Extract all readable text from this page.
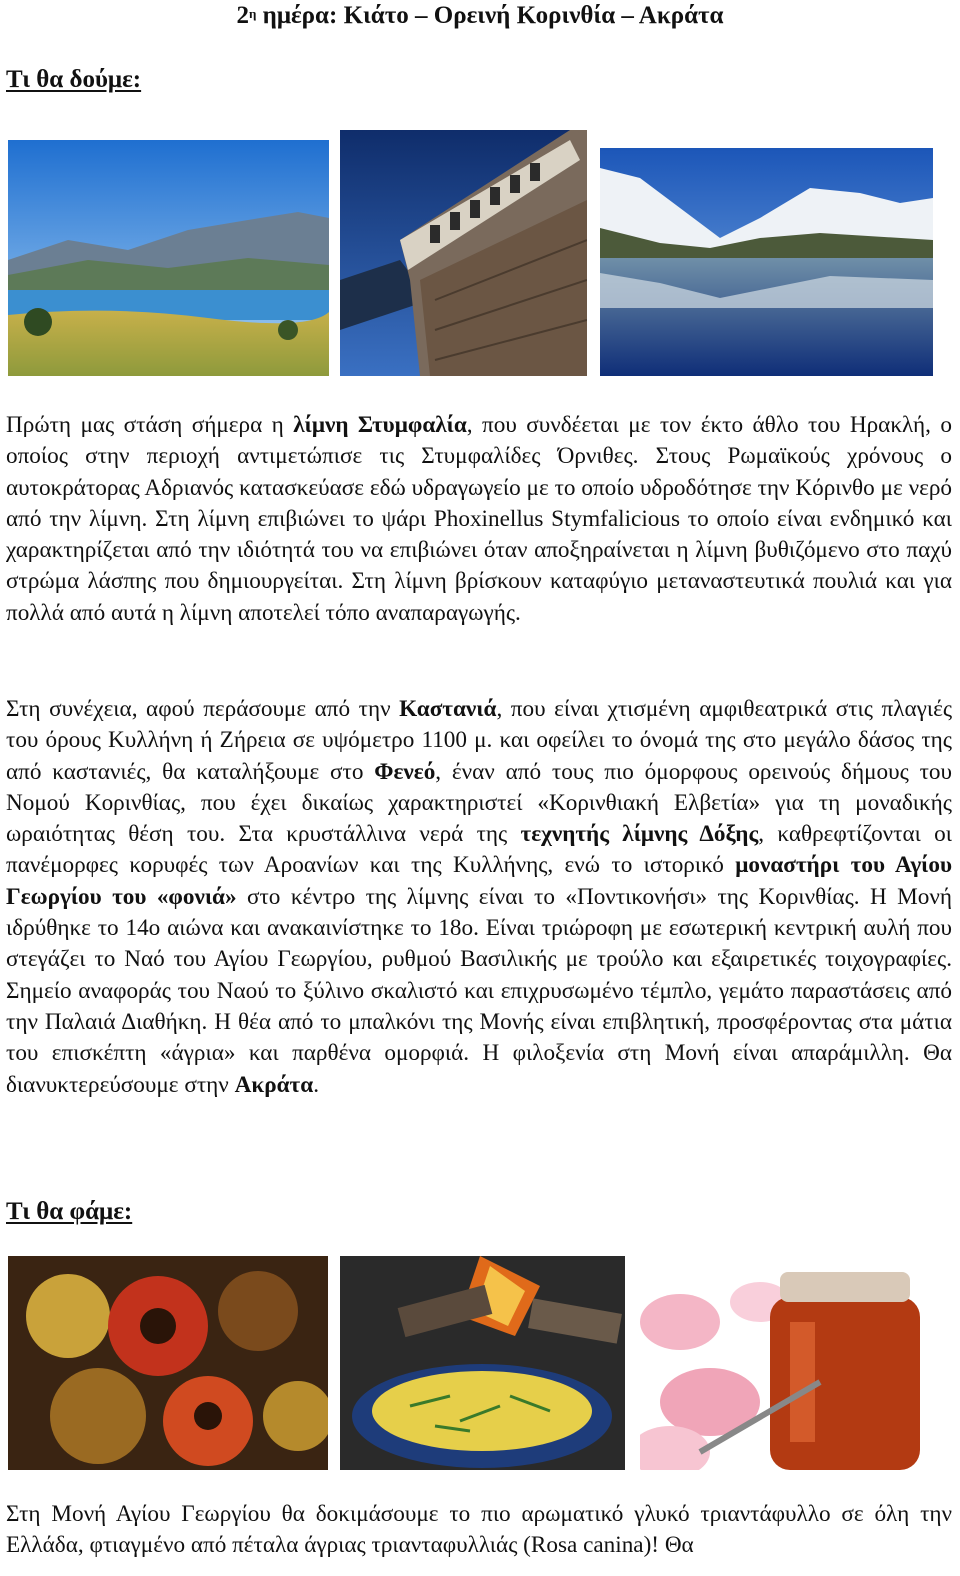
$2^\eta$ ημέρα: Κιάτο – Ορεινή Κορινθία – Ακράτα
Τι θα δούμε:

Πρώτη μας στάση σήμερα η λίμνη Στυμφαλία, που συνδέεται με τον έκτο άθλο του Ηρακλή, ο οποίος στην περιοχή αντιμετώπισε τις Στυμφαλίδες Όρνιθες. Στους Ρωμαϊκούς χρόνους ο αυτοκράτορας Αδριανός κατασκεύασε εδώ υδραγωγείο με το οποίο υδροδότησε την Κόρινθο με νερό από την λίμνη. Στη λίμνη επιβιώνει το ψάρι Phoxinellus Stymfalicious το οποίο είναι ενδημικό και χαρακτηρίζεται από την ιδιότητά του να επιβιώνει όταν αποξηραίνεται η λίμνη βυθιζόμενο στο παχύ στρώμα λάσπης που δημιουργείται. Στη λίμνη βρίσκουν καταφύγιο μεταναστευτικά πουλιά και για πολλά από αυτά η λίμνη αποτελεί τόπο αναπαραγωγής.

Στη συνέχεια, αφού περάσουμε από την Καστανιά, που είναι χτισμένη αμφιθεατρικά στις πλαγιές του όρους Κυλλήνη ή Ζήρεια σε υψόμετρο 1100 μ. και οφείλει το όνομά της στο μεγάλο δάσος της από καστανιές, θα καταλήξουμε στο Φενεό, έναν από τους πιο όμορφους ορεινούς δήμους του Νομού Κορινθίας, που έχει δικαίως χαρακτηριστεί «Κορινθιακή Ελβετία» για τη μοναδικής ωραιότητας θέση του. Στα κρυστάλλινα νερά της τεχνητής λίμνης Δόξης, καθρεφτίζονται οι πανέμορφες κορυφές των Αροανίων και της Κυλλήνης, ενώ το ιστορικό μοναστήρι του Αγίου Γεωργίου του «φονιά» στο κέντρο της λίμνης είναι το «Ποντικονήσι» της Κορινθίας. Η Μονή ιδρύθηκε το 14ο αιώνα και ανακαινίστηκε το 18ο. Είναι τριώροφη με εσωτερική κεντρική αυλή που στεγάζει το Ναό του Αγίου Γεωργίου, ρυθμού Βασιλικής με τρούλο και εξαιρετικές τοιχογραφίες. Σημείο αναφοράς του Ναού το ξύλινο σκαλιστό και επιχρυσωμένο τέμπλο, γεμάτο παραστάσεις από την Παλαιά Διαθήκη. Η θέα από το μπαλκόνι της Μονής είναι επιβλητική, προσφέροντας στα μάτια του επισκέπτη «άγρια» και παρθένα ομορφιά. Η φιλοξενία στη Μονή είναι απαράμιλλη. Θα διανυκτερεύσουμε στην Ακράτα.

Τι θα φάμε:

Στη Μονή Αγίου Γεωργίου θα δοκιμάσουμε το πιο αρωματικό γλυκό τριαντάφυλλο σε όλη την Ελλάδα, φτιαγμένο από πέταλα άγριας τριανταφυλλιάς (Rosa canina)! Θα
